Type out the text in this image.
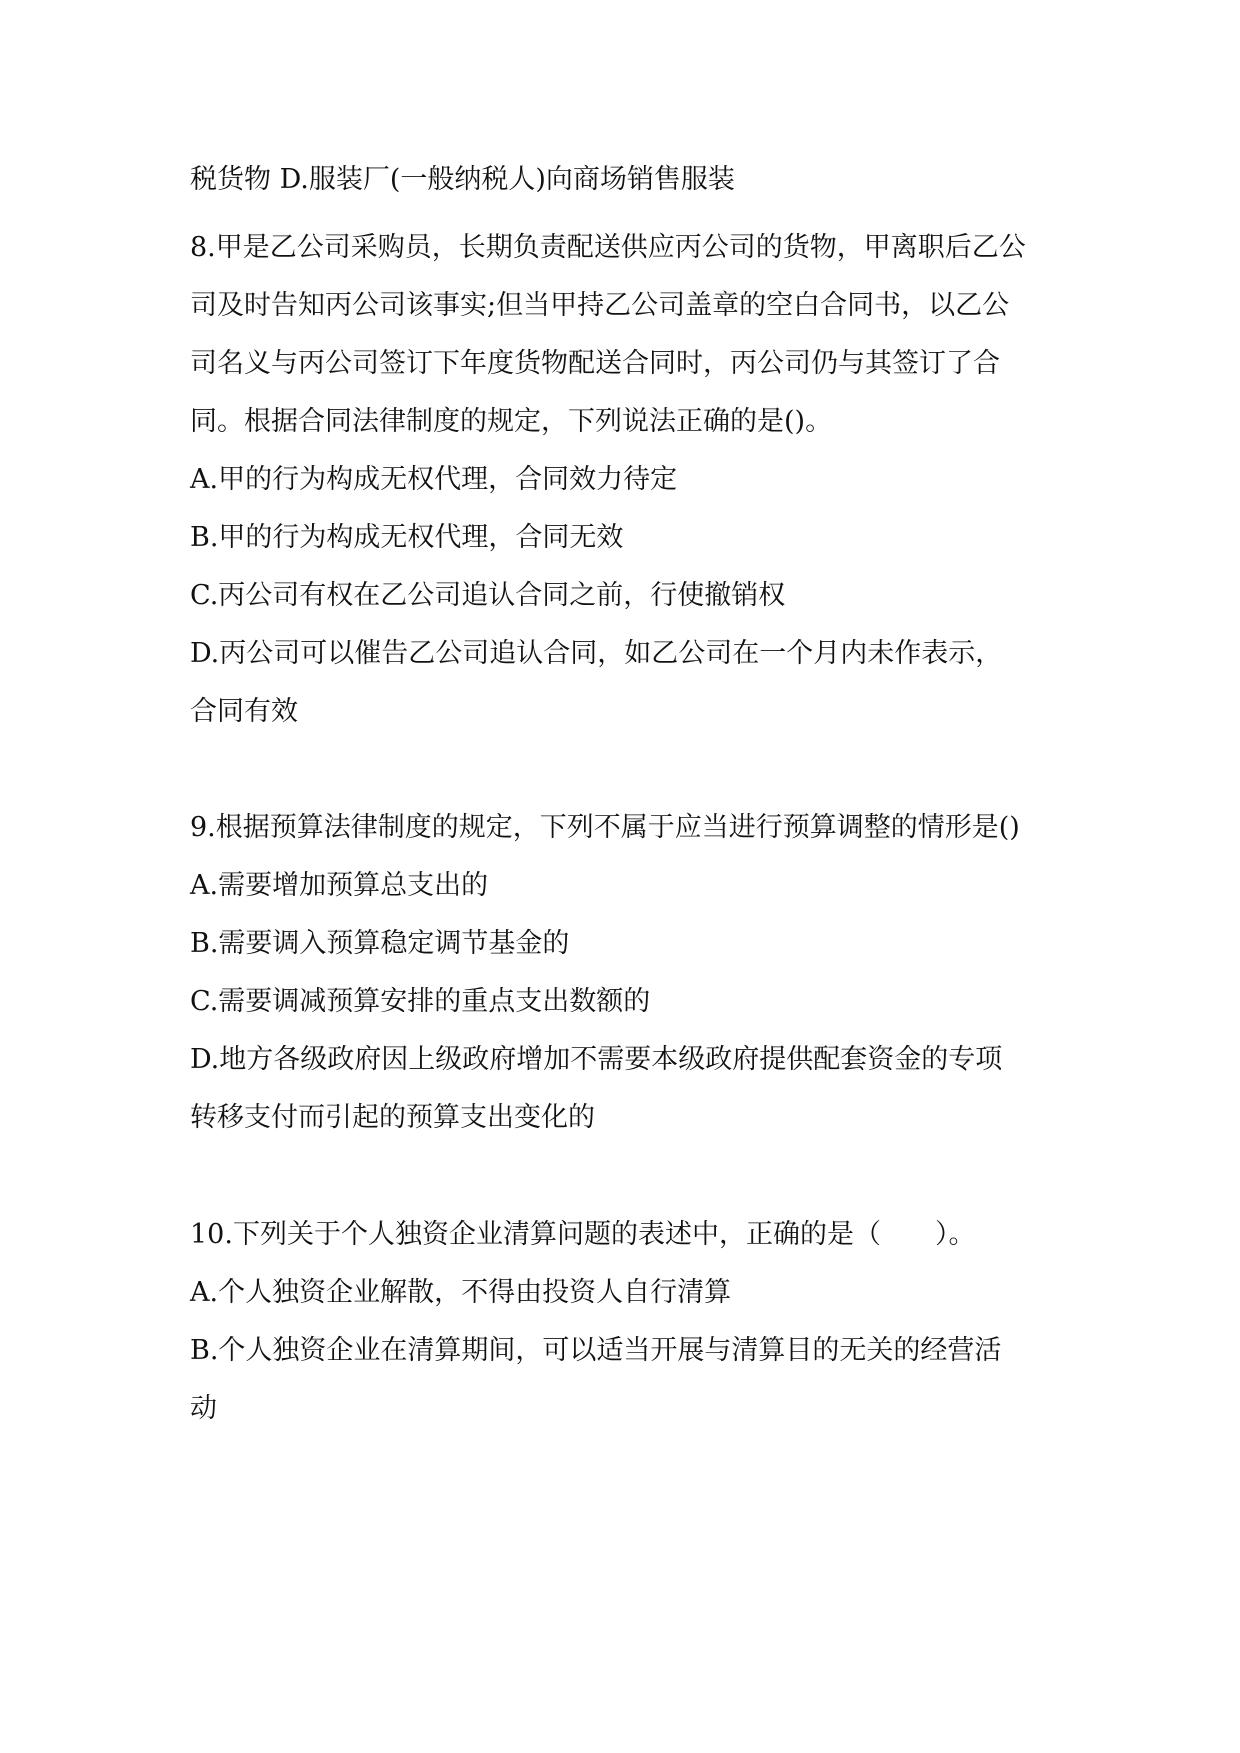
税货物 D.服装厂(一般纳税人)向商场销售服装

8.甲是乙公司采购员，长期负责配送供应丙公司的货物，甲离职后乙公

司及时告知丙公司该事实;但当甲持乙公司盖章的空白合同书，以乙公

司名义与丙公司签订下年度货物配送合同时，丙公司仍与其签订了合

同。根据合同法律制度的规定，下列说法正确的是()。

A.甲的行为构成无权代理，合同效力待定

B.甲的行为构成无权代理，合同无效

C.丙公司有权在乙公司追认合同之前，行使撤销权

D.丙公司可以催告乙公司追认合同，如乙公司在一个月内未作表示，

合同有效

9.根据预算法律制度的规定，下列不属于应当进行预算调整的情形是()

A.需要增加预算总支出的

B.需要调入预算稳定调节基金的

C.需要调减预算安排的重点支出数额的

D.地方各级政府因上级政府增加不需要本级政府提供配套资金的专项

转移支付而引起的预算支出变化的

10.下列关于个人独资企业清算问题的表述中，正确的是（　　）。

A.个人独资企业解散，不得由投资人自行清算

B.个人独资企业在清算期间，可以适当开展与清算目的无关的经营活

动
